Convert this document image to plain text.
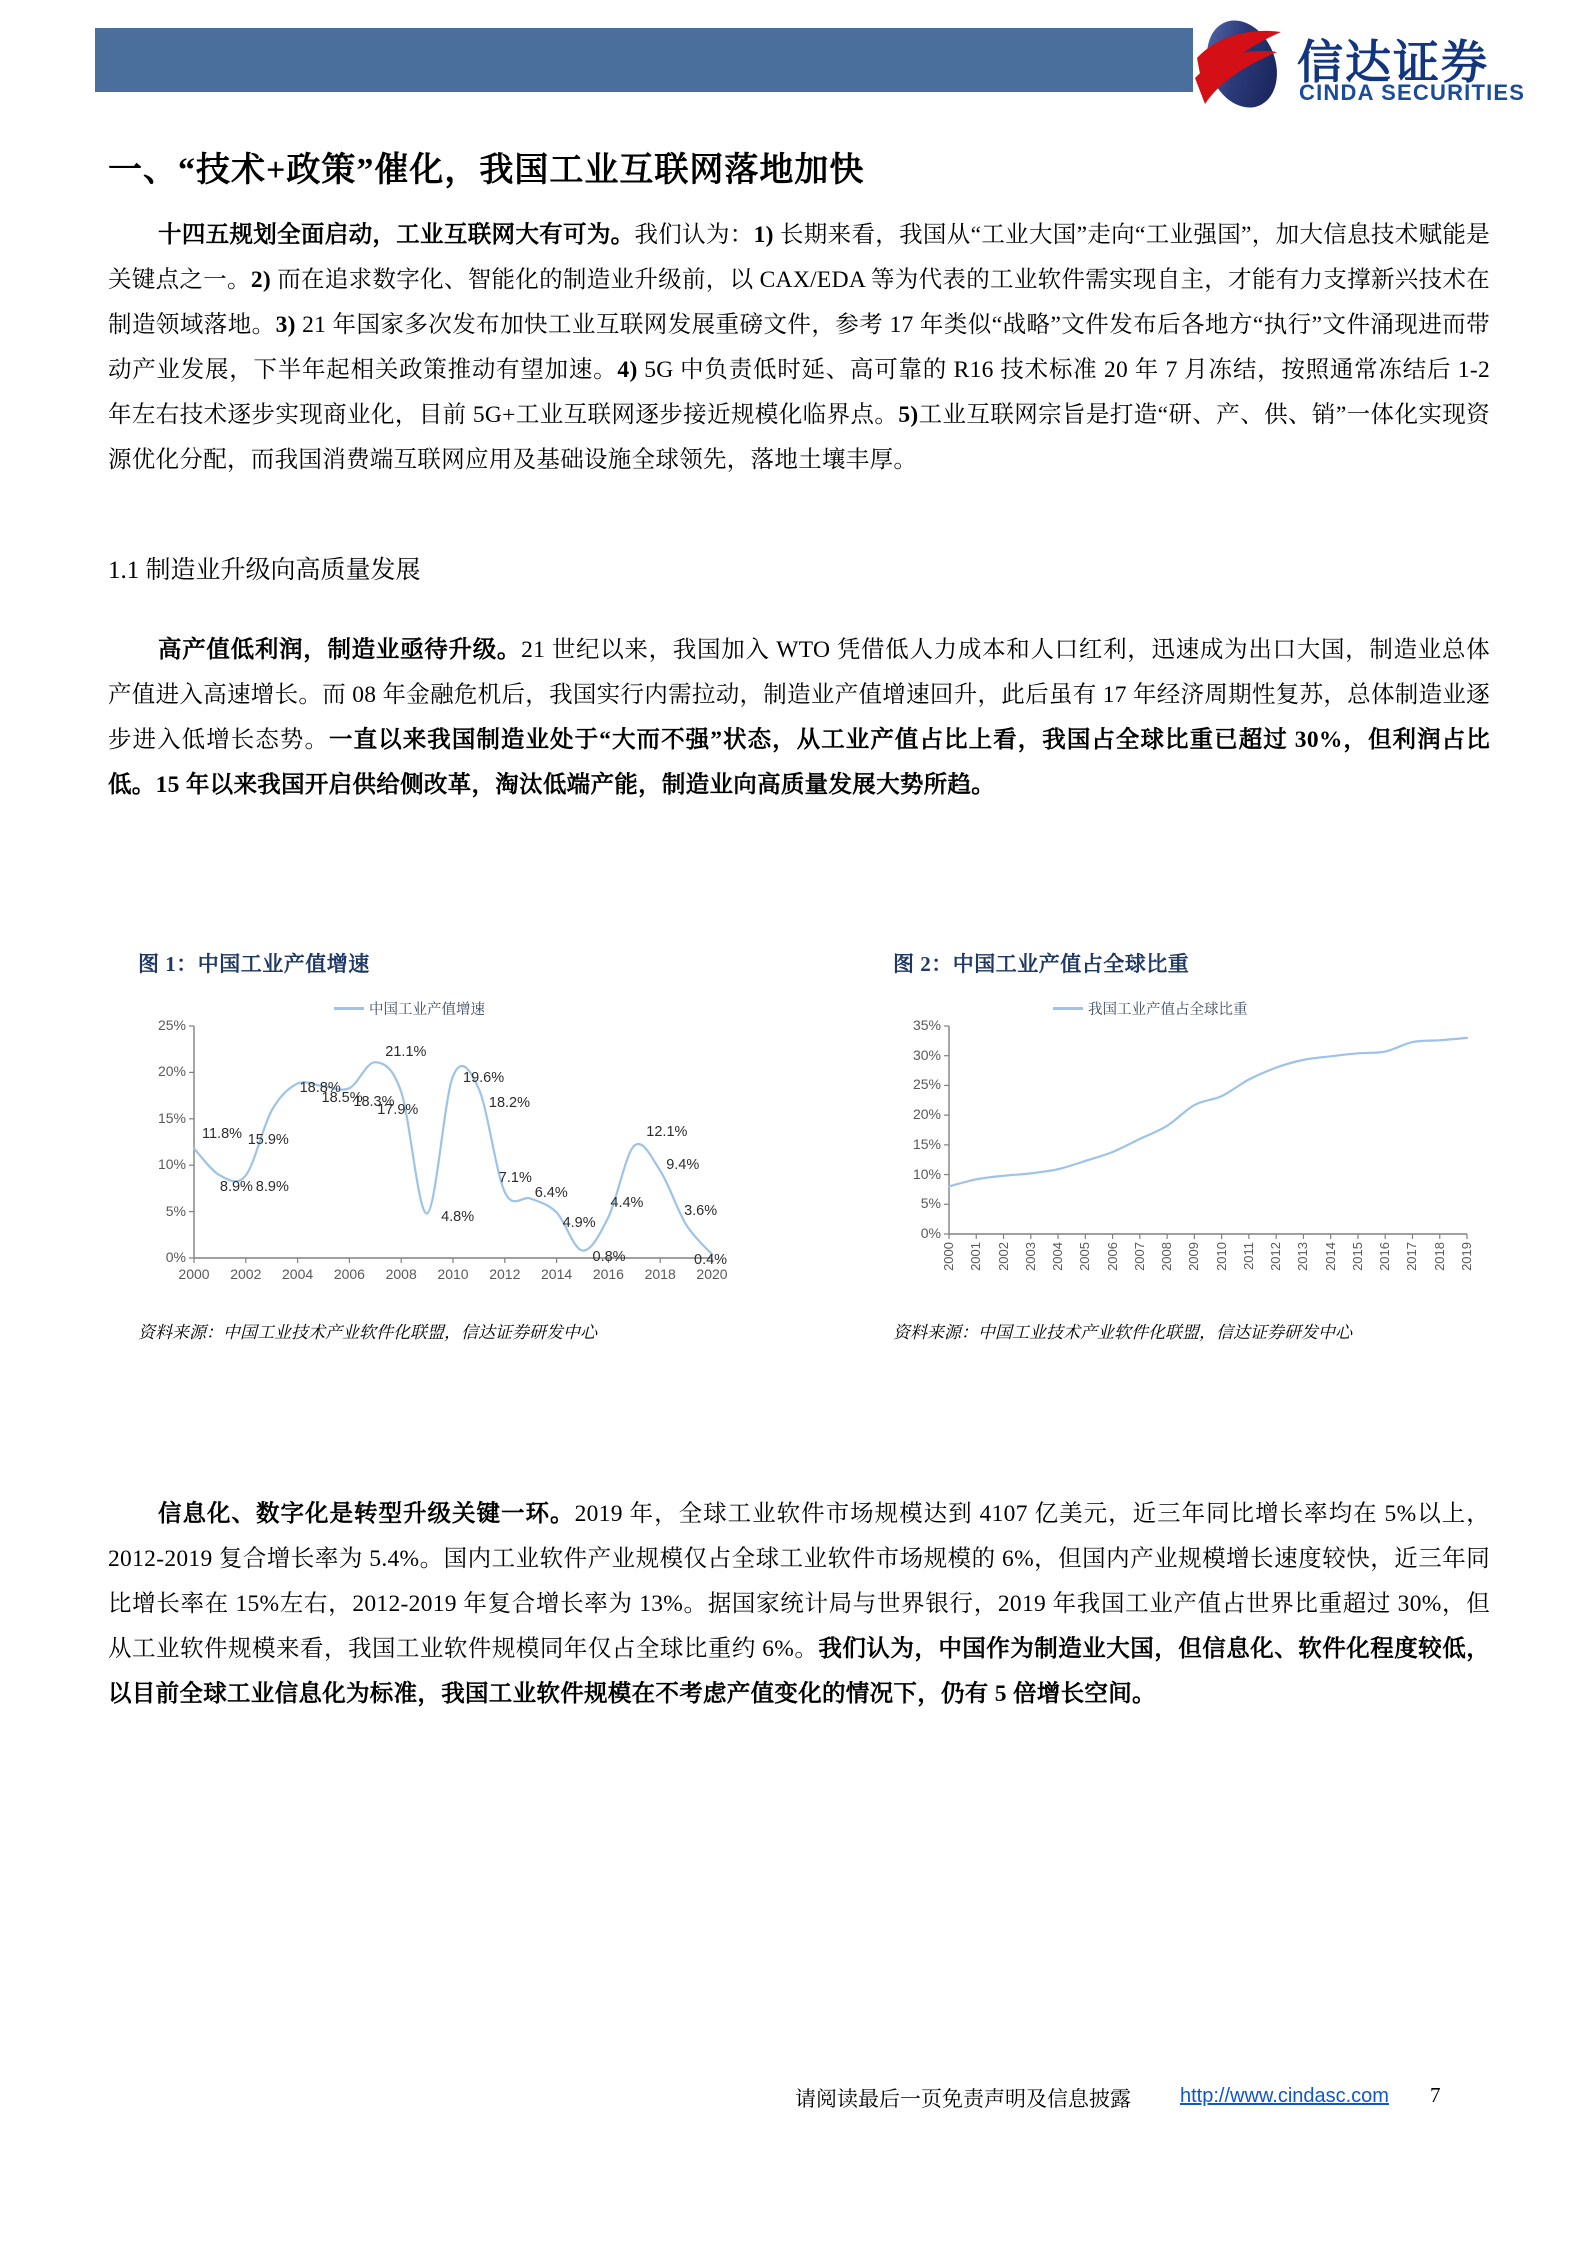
信达证券
CINDA SECURITIES
一、“技术+政策”催化，我国工业互联网落地加快
十四五规划全面启动，工业互联网大有可为。我们认为：1) 长期来看，我国从“工业大国”走向“工业强国”，加大信息技术赋能是关键点之一。2) 而在追求数字化、智能化的制造业升级前，以 CAX/EDA 等为代表的工业软件需实现自主，才能有力支撑新兴技术在制造领域落地。3) 21 年国家多次发布加快工业互联网发展重磅文件，参考 17 年类似“战略”文件发布后各地方“执行”文件涌现进而带动产业发展，下半年起相关政策推动有望加速。4) 5G 中负责低时延、高可靠的 R16 技术标准 20 年 7 月冻结，按照通常冻结后 1-2 年左右技术逐步实现商业化，目前 5G+工业互联网逐步接近规模化临界点。5)工业互联网宗旨是打造“研、产、供、销”一体化实现资源优化分配，而我国消费端互联网应用及基础设施全球领先，落地土壤丰厚。
1.1 制造业升级向高质量发展
高产值低利润，制造业亟待升级。21 世纪以来，我国加入 WTO 凭借低人力成本和人口红利，迅速成为出口大国，制造业总体产值进入高速增长。而 08 年金融危机后，我国实行内需拉动，制造业产值增速回升，此后虽有 17 年经济周期性复苏，总体制造业逐步进入低增长态势。一直以来我国制造业处于“大而不强”状态，从工业产值占比上看，我国占全球比重已超过 30%，但利润占比低。15 年以来我国开启供给侧改革，淘汰低端产能，制造业向高质量发展大势所趋。
图 1：中国工业产值增速
中国工业产值增速
0%
5%
10%
15%
20%
25%
2000	2002	2004	2006	2008	2010	2012	2014	2016	2018	2020
11.8%
8.9% 8.9%
15.9%
18.8%
18.5%
18.3%
21.1%
17.9%
4.8%
19.6%
18.2%
7.1%
6.4%
4.9%
0.8%
4.4%
12.1%
9.4%
3.6%
0.4%
资料来源：中国工业技术产业软件化联盟，信达证券研发中心
图 2：中国工业产值占全球比重
我国工业产值占全球比重
0%
5%
10%
15%
20%
25%
30%
35%
2000 2001 2002 2003 2004 2005 2006 2007 2008 2009 2010 2011 2012 2013 2014 2015 2016 2017 2018 2019
资料来源：中国工业技术产业软件化联盟，信达证券研发中心
信息化、数字化是转型升级关键一环。2019 年，全球工业软件市场规模达到 4107 亿美元，近三年同比增长率均在 5%以上，2012-2019 复合增长率为 5.4%。国内工业软件产业规模仅占全球工业软件市场规模的 6%，但国内产业规模增长速度较快，近三年同比增长率在 15%左右，2012-2019 年复合增长率为 13%。据国家统计局与世界银行，2019 年我国工业产值占世界比重超过 30%，但从工业软件规模来看，我国工业软件规模同年仅占全球比重约 6%。我们认为，中国作为制造业大国，但信息化、软件化程度较低，以目前全球工业信息化为标准，我国工业软件规模在不考虑产值变化的情况下，仍有 5 倍增长空间。
请阅读最后一页免责声明及信息披露 http://www.cindasc.com 7
